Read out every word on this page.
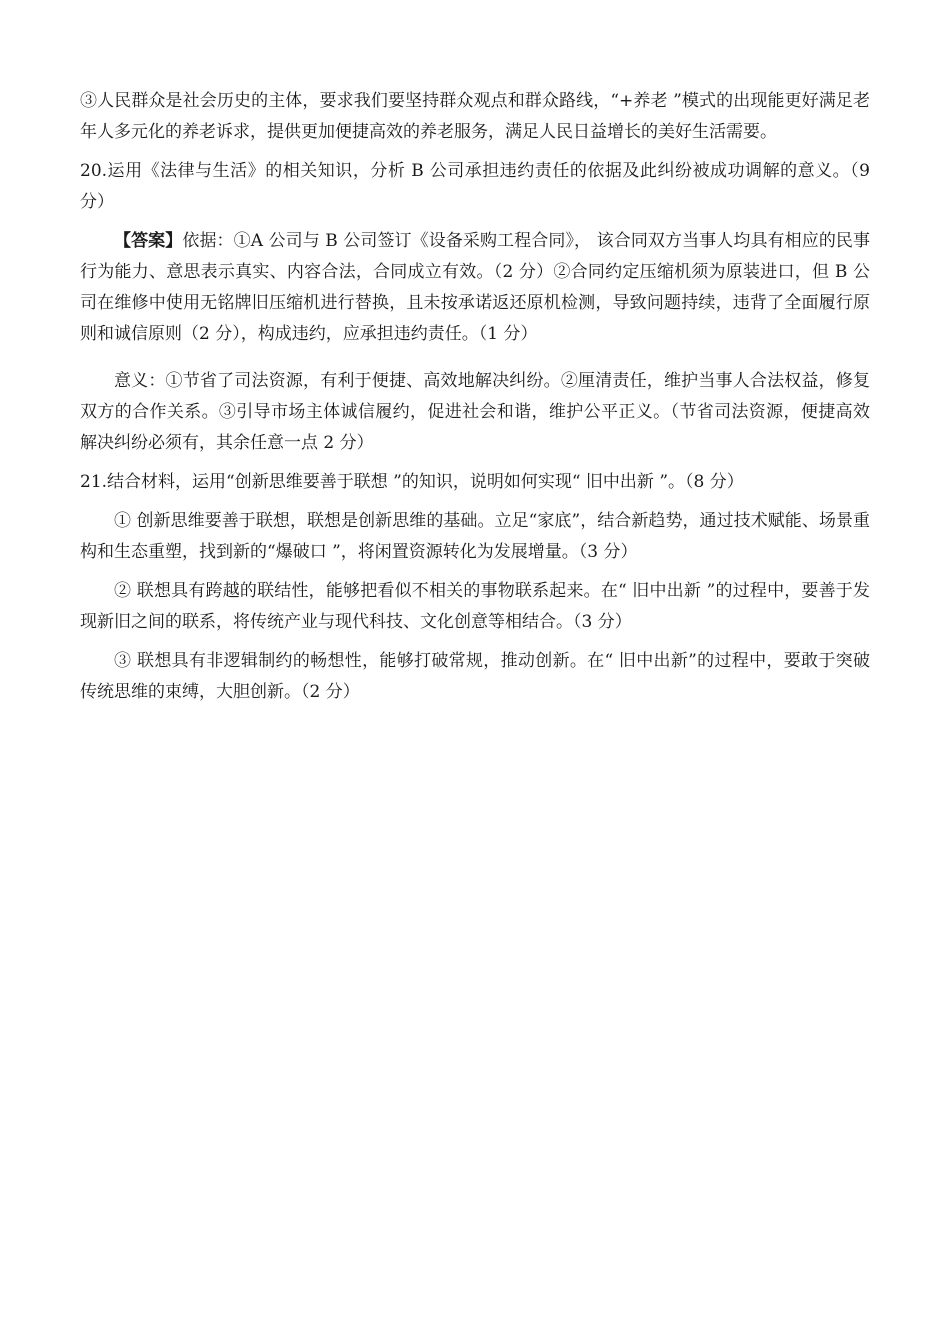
③人民群众是社会历史的主体，要求我们要坚持群众观点和群众路线，“+养老 ”模式的出现能更好满足老年人多元化的养老诉求，提供更加便捷高效的养老服务，满足人民日益增长的美好生活需要。

20.运用《法律与生活》的相关知识，分析 B 公司承担违约责任的依据及此纠纷被成功调解的意义。（9 分）

【答案】依据：①A 公司与 B 公司签订《设备采购工程合同》， 该合同双方当事人均具有相应的民事行为能力、意思表示真实、内容合法，合同成立有效。（2 分）②合同约定压缩机须为原装进口，但 B 公司在维修中使用无铭牌旧压缩机进行替换，且未按承诺返还原机检测，导致问题持续，违背了全面履行原则和诚信原则（2 分），构成违约，应承担违约责任。（1 分）

意义：①节省了司法资源，有利于便捷、高效地解决纠纷。②厘清责任，维护当事人合法权益，修复双方的合作关系。③引导市场主体诚信履约，促进社会和谐，维护公平正义。（节省司法资源，便捷高效解决纠纷必须有，其余任意一点 2 分）

21.结合材料，运用“创新思维要善于联想 ”的知识，说明如何实现“ 旧中出新 ”。（8 分）

① 创新思维要善于联想，联想是创新思维的基础。立足“家底”，结合新趋势，通过技术赋能、场景重构和生态重塑，找到新的“爆破口 ”，将闲置资源转化为发展增量。（3 分）

② 联想具有跨越的联结性，能够把看似不相关的事物联系起来。在“ 旧中出新 ”的过程中，要善于发现新旧之间的联系，将传统产业与现代科技、文化创意等相结合。（3 分）

③ 联想具有非逻辑制约的畅想性，能够打破常规，推动创新。在“ 旧中出新”的过程中，要敢于突破传统思维的束缚，大胆创新。（2 分）
